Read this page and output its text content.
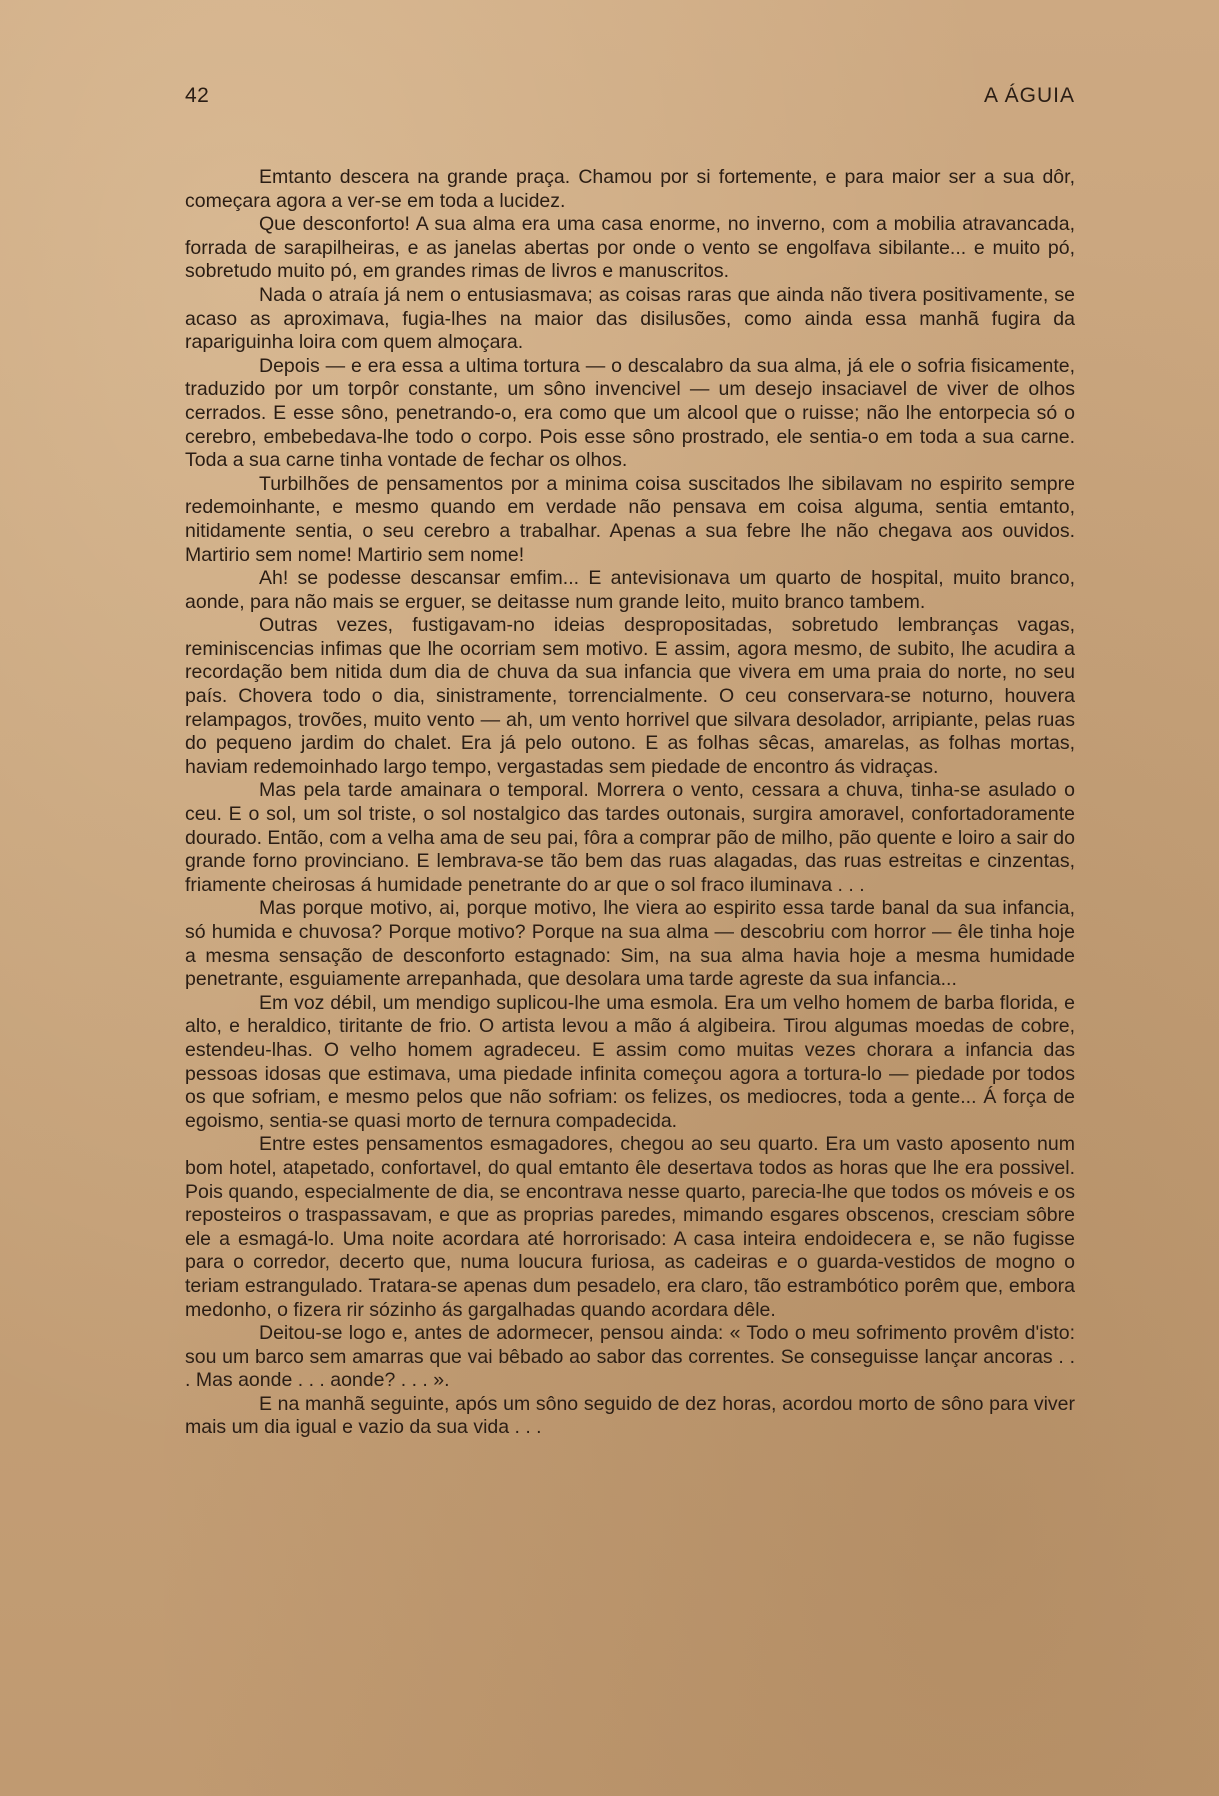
42	A ÁGUIA

Emtanto descera na grande praça. Chamou por si fortemente, e para maior ser a sua dôr, começara agora a ver-se em toda a lucidez.

Que desconforto! A sua alma era uma casa enorme, no inverno, com a mobilia atravancada, forrada de sarapilheiras, e as janelas abertas por onde o vento se engolfava sibilante... e muito pó, sobretudo muito pó, em grandes rimas de livros e manuscritos.

Nada o atraía já nem o entusiasmava; as coisas raras que ainda não tivera positivamente, se acaso as aproximava, fugia-lhes na maior das disilusões, como ainda essa manhã fugira da rapariguinha loira com quem almoçara.

Depois — e era essa a ultima tortura — o descalabro da sua alma, já ele o sofria fisicamente, traduzido por um torpôr constante, um sôno invencivel — um desejo insaciavel de viver de olhos cerrados. E esse sôno, penetrando-o, era como que um alcool que o ruisse; não lhe entorpecia só o cerebro, embebedava-lhe todo o corpo. Pois esse sôno prostrado, ele sentia-o em toda a sua carne. Toda a sua carne tinha vontade de fechar os olhos.

Turbilhões de pensamentos por a minima coisa suscitados lhe sibilavam no espirito sempre redemoinhante, e mesmo quando em verdade não pensava em coisa alguma, sentia emtanto, nitidamente sentia, o seu cerebro a trabalhar. Apenas a sua febre lhe não chegava aos ouvidos. Martirio sem nome! Martirio sem nome!

Ah! se podesse descansar emfim... E antevisionava um quarto de hospital, muito branco, aonde, para não mais se erguer, se deitasse num grande leito, muito branco tambem.

Outras vezes, fustigavam-no ideias despropositadas, sobretudo lembranças vagas, reminiscencias infimas que lhe ocorriam sem motivo. E assim, agora mesmo, de subito, lhe acudira a recordação bem nitida dum dia de chuva da sua infancia que vivera em uma praia do norte, no seu país. Chovera todo o dia, sinistramente, torrencialmente. O ceu conservara-se noturno, houvera relampagos, trovões, muito vento — ah, um vento horrivel que silvara desolador, arripiante, pelas ruas do pequeno jardim do chalet. Era já pelo outono. E as folhas sêcas, amarelas, as folhas mortas, haviam redemoinhado largo tempo, vergastadas sem piedade de encontro ás vidraças.

Mas pela tarde amainara o temporal. Morrera o vento, cessara a chuva, tinha-se asulado o ceu. E o sol, um sol triste, o sol nostalgico das tardes outonais, surgira amoravel, confortadoramente dourado. Então, com a velha ama de seu pai, fôra a comprar pão de milho, pão quente e loiro a sair do grande forno provinciano. E lembrava-se tão bem das ruas alagadas, das ruas estreitas e cinzentas, friamente cheirosas á humidade penetrante do ar que o sol fraco iluminava . . .

Mas porque motivo, ai, porque motivo, lhe viera ao espirito essa tarde banal da sua infancia, só humida e chuvosa? Porque motivo? Porque na sua alma — descobriu com horror — êle tinha hoje a mesma sensação de desconforto estagnado: Sim, na sua alma havia hoje a mesma humidade penetrante, esguiamente arrepanhada, que desolara uma tarde agreste da sua infancia...

Em voz débil, um mendigo suplicou-lhe uma esmola. Era um velho homem de barba florida, e alto, e heraldico, tiritante de frio. O artista levou a mão á algibeira. Tirou algumas moedas de cobre, estendeu-lhas. O velho homem agradeceu. E assim como muitas vezes chorara a infancia das pessoas idosas que estimava, uma piedade infinita começou agora a tortura-lo — piedade por todos os que sofriam, e mesmo pelos que não sofriam: os felizes, os mediocres, toda a gente... Á força de egoismo, sentia-se quasi morto de ternura compadecida.

Entre estes pensamentos esmagadores, chegou ao seu quarto. Era um vasto aposento num bom hotel, atapetado, confortavel, do qual emtanto êle desertava todos as horas que lhe era possivel. Pois quando, especialmente de dia, se encontrava nesse quarto, parecia-lhe que todos os móveis e os reposteiros o traspassavam, e que as proprias paredes, mimando esgares obscenos, cresciam sôbre ele a esmagá-lo. Uma noite acordara até horrorisado: A casa inteira endoidecera e, se não fugisse para o corredor, decerto que, numa loucura furiosa, as cadeiras e o guarda-vestidos de mogno o teriam estrangulado. Tratara-se apenas dum pesadelo, era claro, tão estrambótico porêm que, embora medonho, o fizera rir sózinho ás gargalhadas quando acordara dêle.

Deitou-se logo e, antes de adormecer, pensou ainda: « Todo o meu sofrimento provêm d'isto: sou um barco sem amarras que vai bêbado ao sabor das correntes. Se conseguisse lançar ancoras . . . Mas aonde . . . aonde? . . . ».

E na manhã seguinte, após um sôno seguido de dez horas, acordou morto de sôno para viver mais um dia igual e vazio da sua vida . . .
